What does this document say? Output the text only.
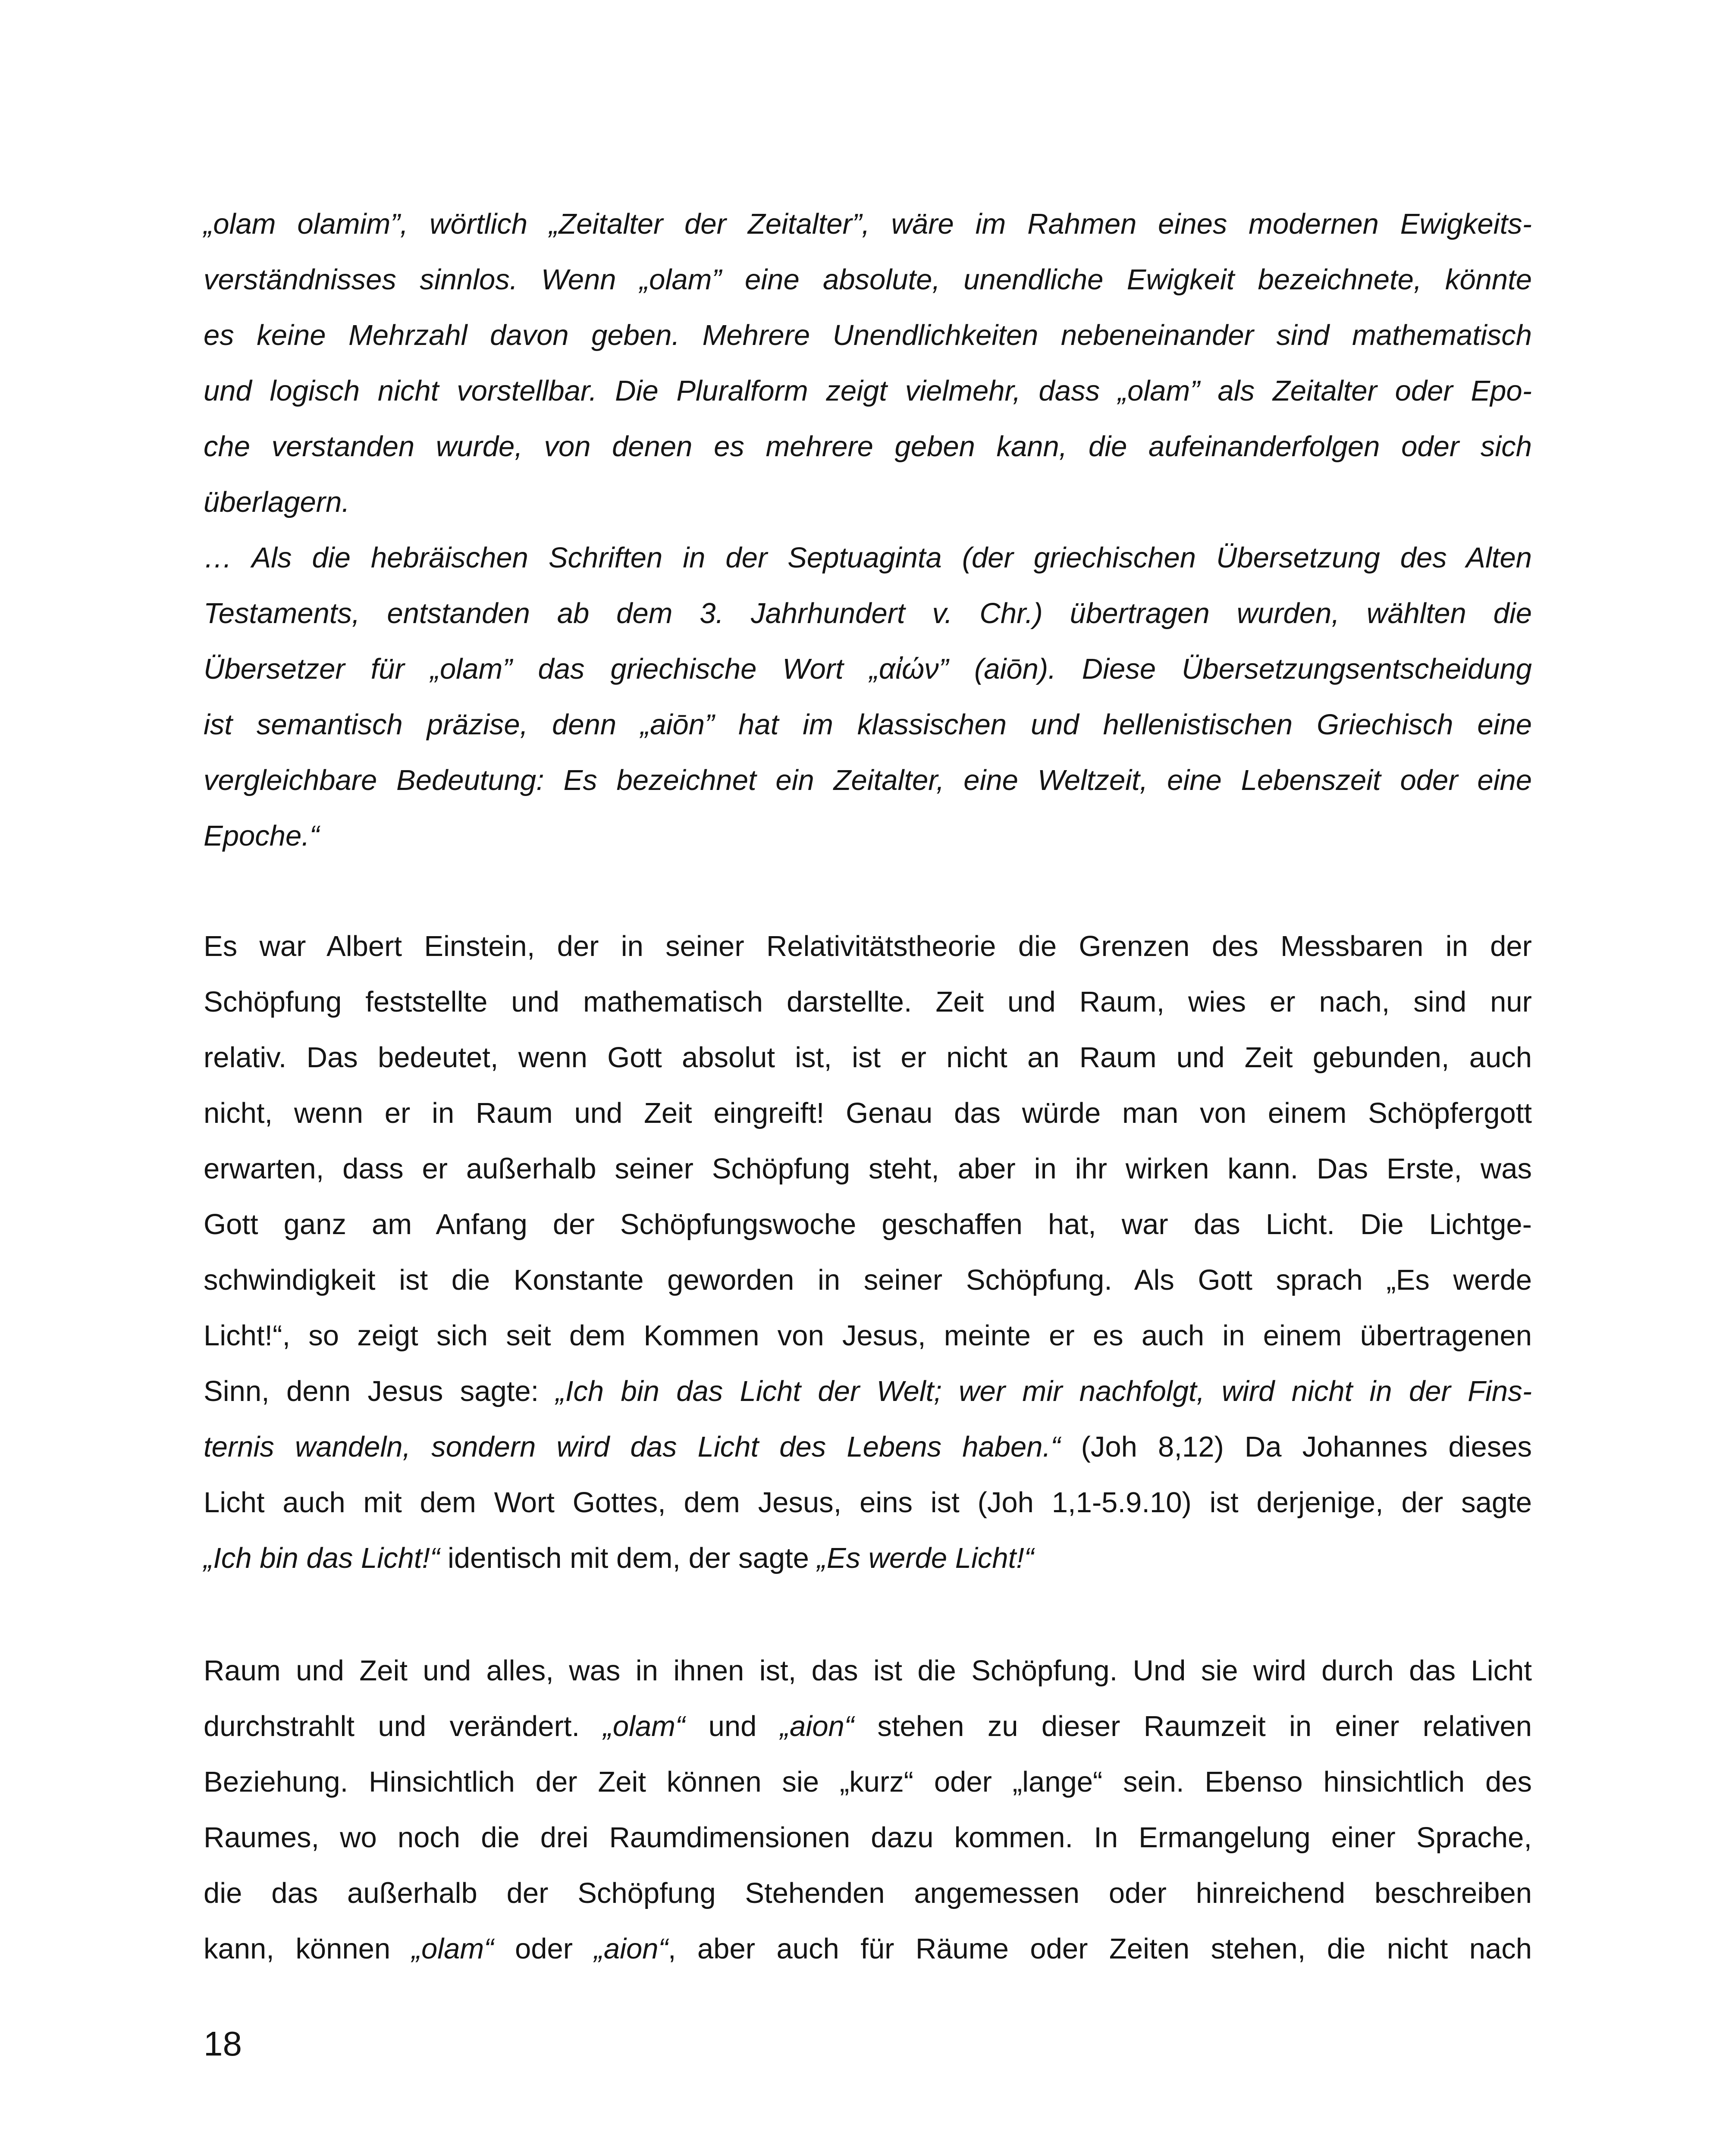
„olam olamim”, wörtlich „Zeitalter der Zeitalter”, wäre im Rahmen eines modernen Ewigkeits-
verständnisses sinnlos. Wenn „olam” eine absolute, unendliche Ewigkeit bezeichnete, könnte
es keine Mehrzahl davon geben. Mehrere Unendlichkeiten nebeneinander sind mathematisch
und logisch nicht vorstellbar. Die Pluralform zeigt vielmehr, dass „olam” als Zeitalter oder Epo-
che verstanden wurde, von denen es mehrere geben kann, die aufeinanderfolgen oder sich
überlagern.
… Als die hebräischen Schriften in der Septuaginta (der griechischen Übersetzung des Alten
Testaments, entstanden ab dem 3. Jahrhundert v. Chr.) übertragen wurden, wählten die
Übersetzer für „olam” das griechische Wort „αἰών” (aiōn). Diese Übersetzungsentscheidung
ist semantisch präzise, denn „aiōn” hat im klassischen und hellenistischen Griechisch eine
vergleichbare Bedeutung: Es bezeichnet ein Zeitalter, eine Weltzeit, eine Lebenszeit oder eine
Epoche.“
Es war Albert Einstein, der in seiner Relativitätstheorie die Grenzen des Messbaren in der
Schöpfung feststellte und mathematisch darstellte. Zeit und Raum, wies er nach, sind nur
relativ. Das bedeutet, wenn Gott absolut ist, ist er nicht an Raum und Zeit gebunden, auch
nicht, wenn er in Raum und Zeit eingreift! Genau das würde man von einem Schöpfergott
erwarten, dass er außerhalb seiner Schöpfung steht, aber in ihr wirken kann. Das Erste, was
Gott ganz am Anfang der Schöpfungswoche geschaffen hat, war das Licht. Die Lichtge-
schwindigkeit ist die Konstante geworden in seiner Schöpfung. Als Gott sprach „Es werde
Licht!“, so zeigt sich seit dem Kommen von Jesus, meinte er es auch in einem übertragenen
Sinn, denn Jesus sagte: „Ich bin das Licht der Welt; wer mir nachfolgt, wird nicht in der Fins-
ternis wandeln, sondern wird das Licht des Lebens haben.“ (Joh 8,12) Da Johannes dieses
Licht auch mit dem Wort Gottes, dem Jesus, eins ist (Joh 1,1-5.9.10) ist derjenige, der sagte
„Ich bin das Licht!“ identisch mit dem, der sagte „Es werde Licht!“
Raum und Zeit und alles, was in ihnen ist, das ist die Schöpfung. Und sie wird durch das Licht
durchstrahlt und verändert. „olam“ und „aion“ stehen zu dieser Raumzeit in einer relativen
Beziehung. Hinsichtlich der Zeit können sie „kurz“ oder „lange“ sein. Ebenso hinsichtlich des
Raumes, wo noch die drei Raumdimensionen dazu kommen. In Ermangelung einer Sprache,
die das außerhalb der Schöpfung Stehenden angemessen oder hinreichend beschreiben
kann, können „olam“ oder „aion“, aber auch für Räume oder Zeiten stehen, die nicht nach
18
